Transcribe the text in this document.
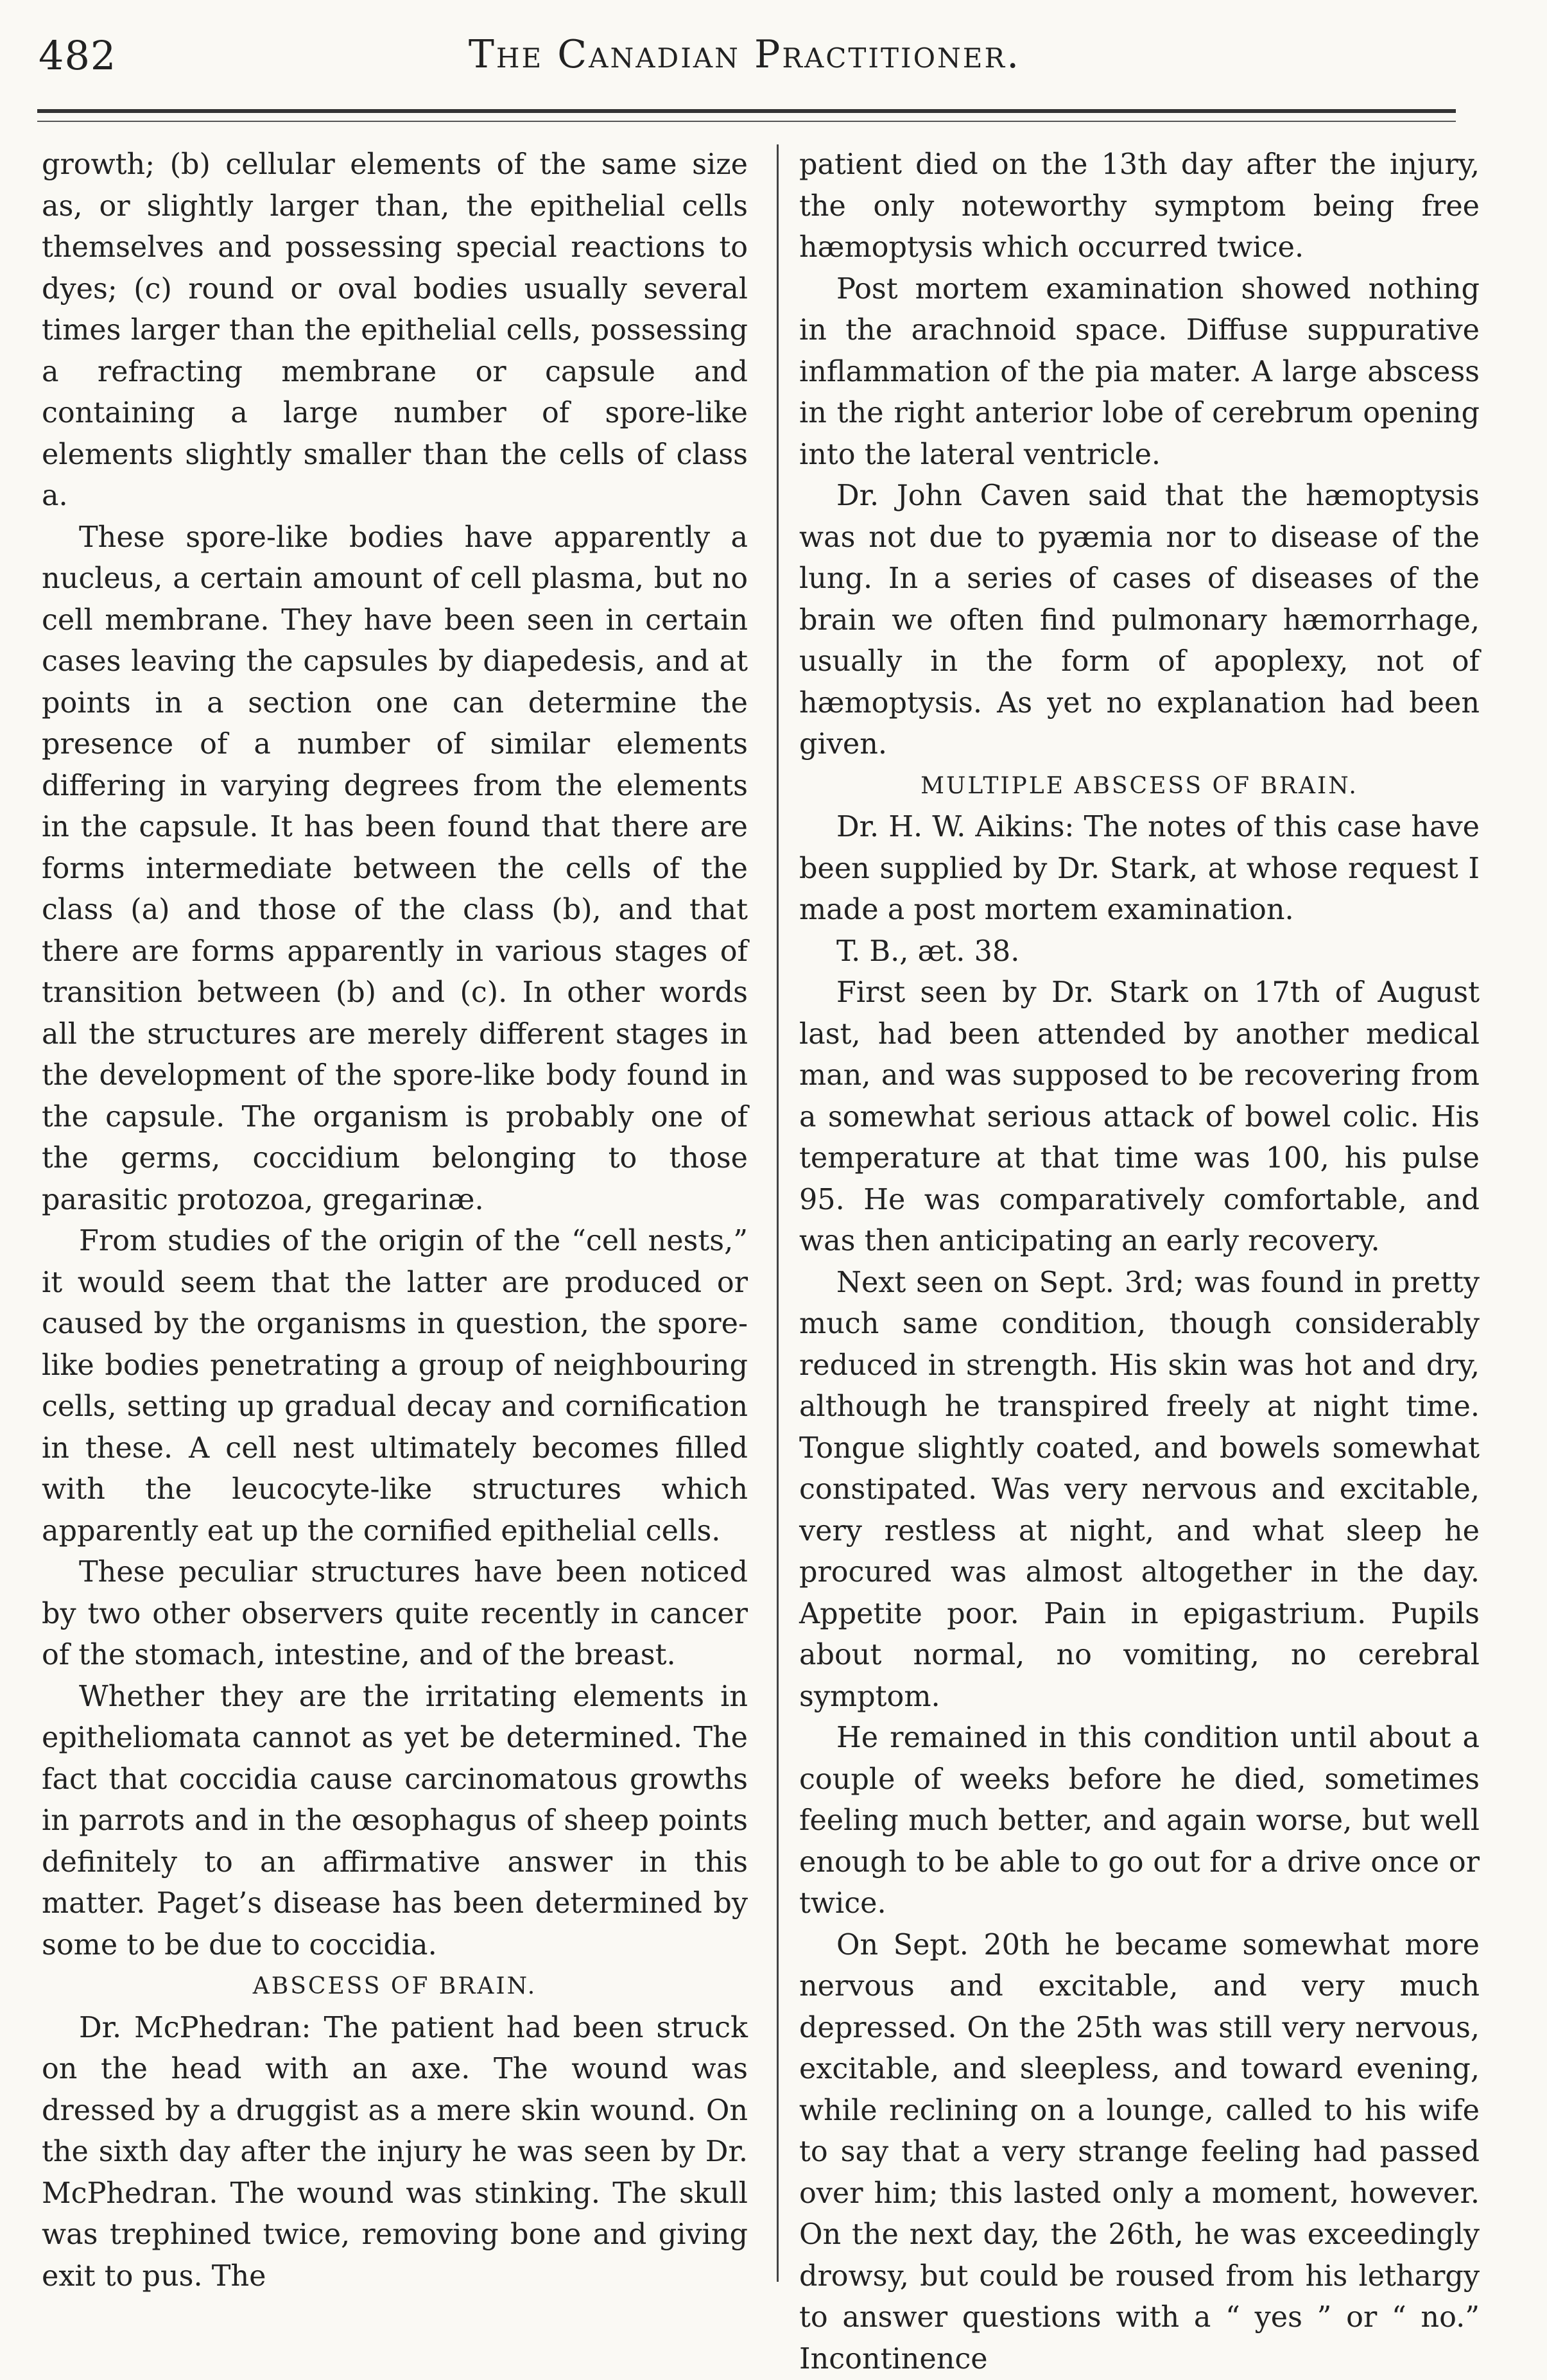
482	The Canadian Practitioner.

growth; (b) cellular elements of the same size as, or slightly larger than, the epithelial cells themselves and possessing special reactions to dyes; (c) round or oval bodies usually several times larger than the epithelial cells, possessing a refracting membrane or capsule and containing a large number of spore-like elements slightly smaller than the cells of class a.

These spore-like bodies have apparently a nucleus, a certain amount of cell plasma, but no cell membrane. They have been seen in certain cases leaving the capsules by diapedesis, and at points in a section one can determine the presence of a number of similar elements differing in varying degrees from the elements in the capsule. It has been found that there are forms intermediate between the cells of the class (a) and those of the class (b), and that there are forms apparently in various stages of transition between (b) and (c). In other words all the structures are merely different stages in the development of the spore-like body found in the capsule. The organism is probably one of the germs, coccidium belonging to those parasitic protozoa, gregarinæ.

From studies of the origin of the “cell nests,” it would seem that the latter are produced or caused by the organisms in question, the spore-like bodies penetrating a group of neighbouring cells, setting up gradual decay and cornification in these. A cell nest ultimately becomes filled with the leucocyte-like structures which apparently eat up the cornified epithelial cells.

These peculiar structures have been noticed by two other observers quite recently in cancer of the stomach, intestine, and of the breast.

Whether they are the irritating elements in epitheliomata cannot as yet be determined. The fact that coccidia cause carcinomatous growths in parrots and in the œsophagus of sheep points definitely to an affirmative answer in this matter. Paget’s disease has been determined by some to be due to coccidia.

ABSCESS OF BRAIN.

Dr. McPhedran: The patient had been struck on the head with an axe. The wound was dressed by a druggist as a mere skin wound. On the sixth day after the injury he was seen by Dr. McPhedran. The wound was stinking. The skull was trephined twice, removing bone and giving exit to pus. The

patient died on the 13th day after the injury, the only noteworthy symptom being free hæmoptysis which occurred twice.

Post mortem examination showed nothing in the arachnoid space. Diffuse suppurative inflammation of the pia mater. A large abscess in the right anterior lobe of cerebrum opening into the lateral ventricle.

Dr. John Caven said that the hæmoptysis was not due to pyæmia nor to disease of the lung. In a series of cases of diseases of the brain we often find pulmonary hæmorrhage, usually in the form of apoplexy, not of hæmoptysis. As yet no explanation had been given.

MULTIPLE ABSCESS OF BRAIN.

Dr. H. W. Aikins: The notes of this case have been supplied by Dr. Stark, at whose request I made a post mortem examination.

T. B., æt. 38.

First seen by Dr. Stark on 17th of August last, had been attended by another medical man, and was supposed to be recovering from a somewhat serious attack of bowel colic. His temperature at that time was 100, his pulse 95. He was comparatively comfortable, and was then anticipating an early recovery.

Next seen on Sept. 3rd; was found in pretty much same condition, though considerably reduced in strength. His skin was hot and dry, although he transpired freely at night time. Tongue slightly coated, and bowels somewhat constipated. Was very nervous and excitable, very restless at night, and what sleep he procured was almost altogether in the day. Appetite poor. Pain in epigastrium. Pupils about normal, no vomiting, no cerebral symptom.

He remained in this condition until about a couple of weeks before he died, sometimes feeling much better, and again worse, but well enough to be able to go out for a drive once or twice.

On Sept. 20th he became somewhat more nervous and excitable, and very much depressed. On the 25th was still very nervous, excitable, and sleepless, and toward evening, while reclining on a lounge, called to his wife to say that a very strange feeling had passed over him; this lasted only a moment, however. On the next day, the 26th, he was exceedingly drowsy, but could be roused from his lethargy to answer questions with a “ yes ” or “ no.” Incontinence
